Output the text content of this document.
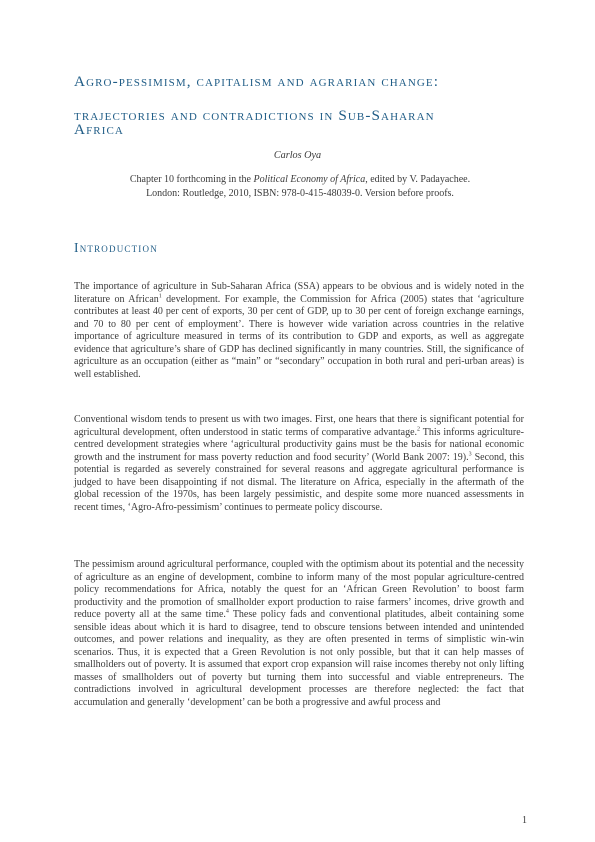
Agro-pessimism, capitalism and agrarian change:
trajectories and contradictions in Sub-Saharan
Africa
Carlos Oya
Chapter 10 forthcoming in the Political Economy of Africa, edited by V. Padayachee.
London: Routledge, 2010, ISBN: 978-0-415-48039-0. Version before proofs.
Introduction

The importance of agriculture in Sub-Saharan Africa (SSA) appears to be obvious and is widely noted in the literature on African$^1$ development. For example, the Commission for Africa (2005) states that ‘agriculture contributes at least 40 per cent of exports, 30 per cent of GDP, up to 30 per cent of foreign exchange earnings, and 70 to 80 per cent of employment’. There is however wide variation across countries in the relative importance of agriculture measured in terms of its contribution to GDP and exports, as well as aggregate evidence that agriculture’s share of GDP has declined significantly in many countries. Still, the significance of agriculture as an occupation (either as “main” or “secondary” occupation in both rural and peri-urban areas) is well established.

Conventional wisdom tends to present us with two images. First, one hears that there is significant potential for agricultural development, often understood in static terms of comparative advantage.$^2$ This informs agriculture-centred development strategies where ‘agricultural productivity gains must be the basis for national economic growth and the instrument for mass poverty reduction and food security’ (World Bank 2007: 19).$^3$ Second, this potential is regarded as severely constrained for several reasons and aggregate agricultural performance is judged to have been disappointing if not dismal. The literature on Africa, especially in the aftermath of the global recession of the 1970s, has been largely pessimistic, and despite some more nuanced assessments in recent times, ‘Agro-Afro-pessimism’ continues to permeate policy discourse.

The pessimism around agricultural performance, coupled with the optimism about its potential and the necessity of agriculture as an engine of development, combine to inform many of the most popular agriculture-centred policy recommendations for Africa, notably the quest for an ‘African Green Revolution’ to boost farm productivity and the promotion of smallholder export production to raise farmers’ incomes, drive growth and reduce poverty all at the same time.$^4$ These policy fads and conventional platitudes, albeit containing some sensible ideas about which it is hard to disagree, tend to obscure tensions between intended and unintended outcomes, and power relations and inequality, as they are often presented in terms of simplistic win-win scenarios. Thus, it is expected that a Green Revolution is not only possible, but that it can help masses of smallholders out of poverty. It is assumed that export crop expansion will raise incomes thereby not only lifting masses of smallholders out of poverty but turning them into successful and viable entrepreneurs. The contradictions involved in agricultural development processes are therefore neglected: the fact that accumulation and generally ‘development’ can be both a progressive and awful process and

1
